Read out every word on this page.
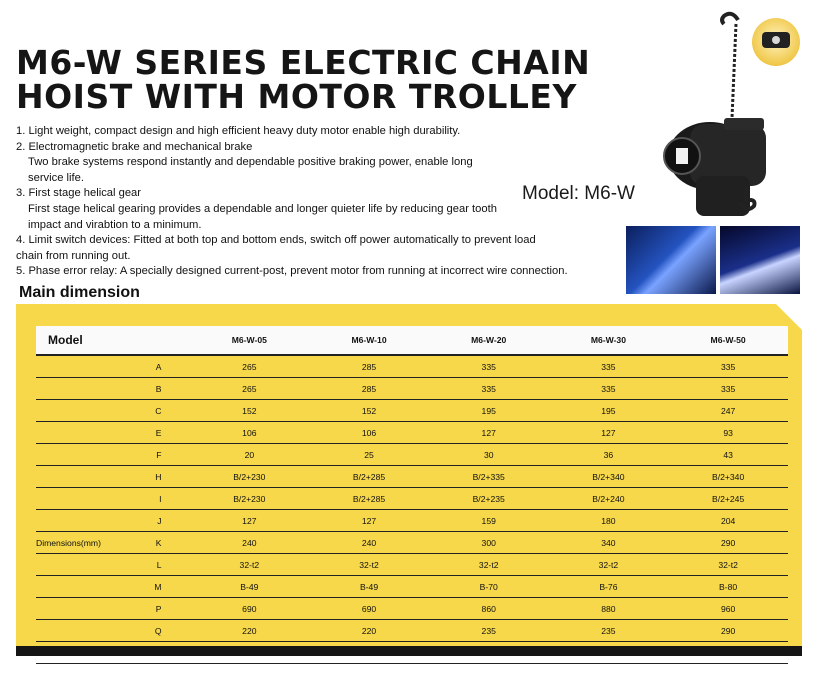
M6-W SERIES ELECTRIC CHAIN
HOIST WITH MOTOR TROLLEY
1. Light weight, compact design and high efficient heavy duty motor enable high durability.
2. Electromagnetic brake and mechanical brake
Two brake systems respond instantly and dependable positive braking power, enable long service life.
3. First stage helical gear
First stage helical gearing provides a dependable and longer quieter life by reducing gear tooth impact and virabtion to a minimum.
4. Limit switch devices: Fitted at both top and bottom ends, switch off power automatically to prevent load chain from running out.
5. Phase error relay: A specially designed current-post, prevent motor from running at incorrect wire connection.
Model: M6-W
Main dimension
Model	M6-W-05	M6-W-10	M6-W-20	M6-W-30	M6-W-50
A	265	285	335	335	335
B	265	285	335	335	335
C	152	152	195	195	247
E	106	106	127	127	93
F	20	25	30	36	43
H	B/2+230	B/2+285	B/2+335	B/2+340	B/2+340
I	B/2+230	B/2+285	B/2+235	B/2+240	B/2+245
J	127	127	159	180	204

Dimensions(mm) K	240	240	300	340	290
L	32-t2	32-t2	32-t2	32-t2	32-t2
M	B-49	B-49	B-70	B-76	B-80
P	690	690	860	880	960
Q	220	220	235	235	290
